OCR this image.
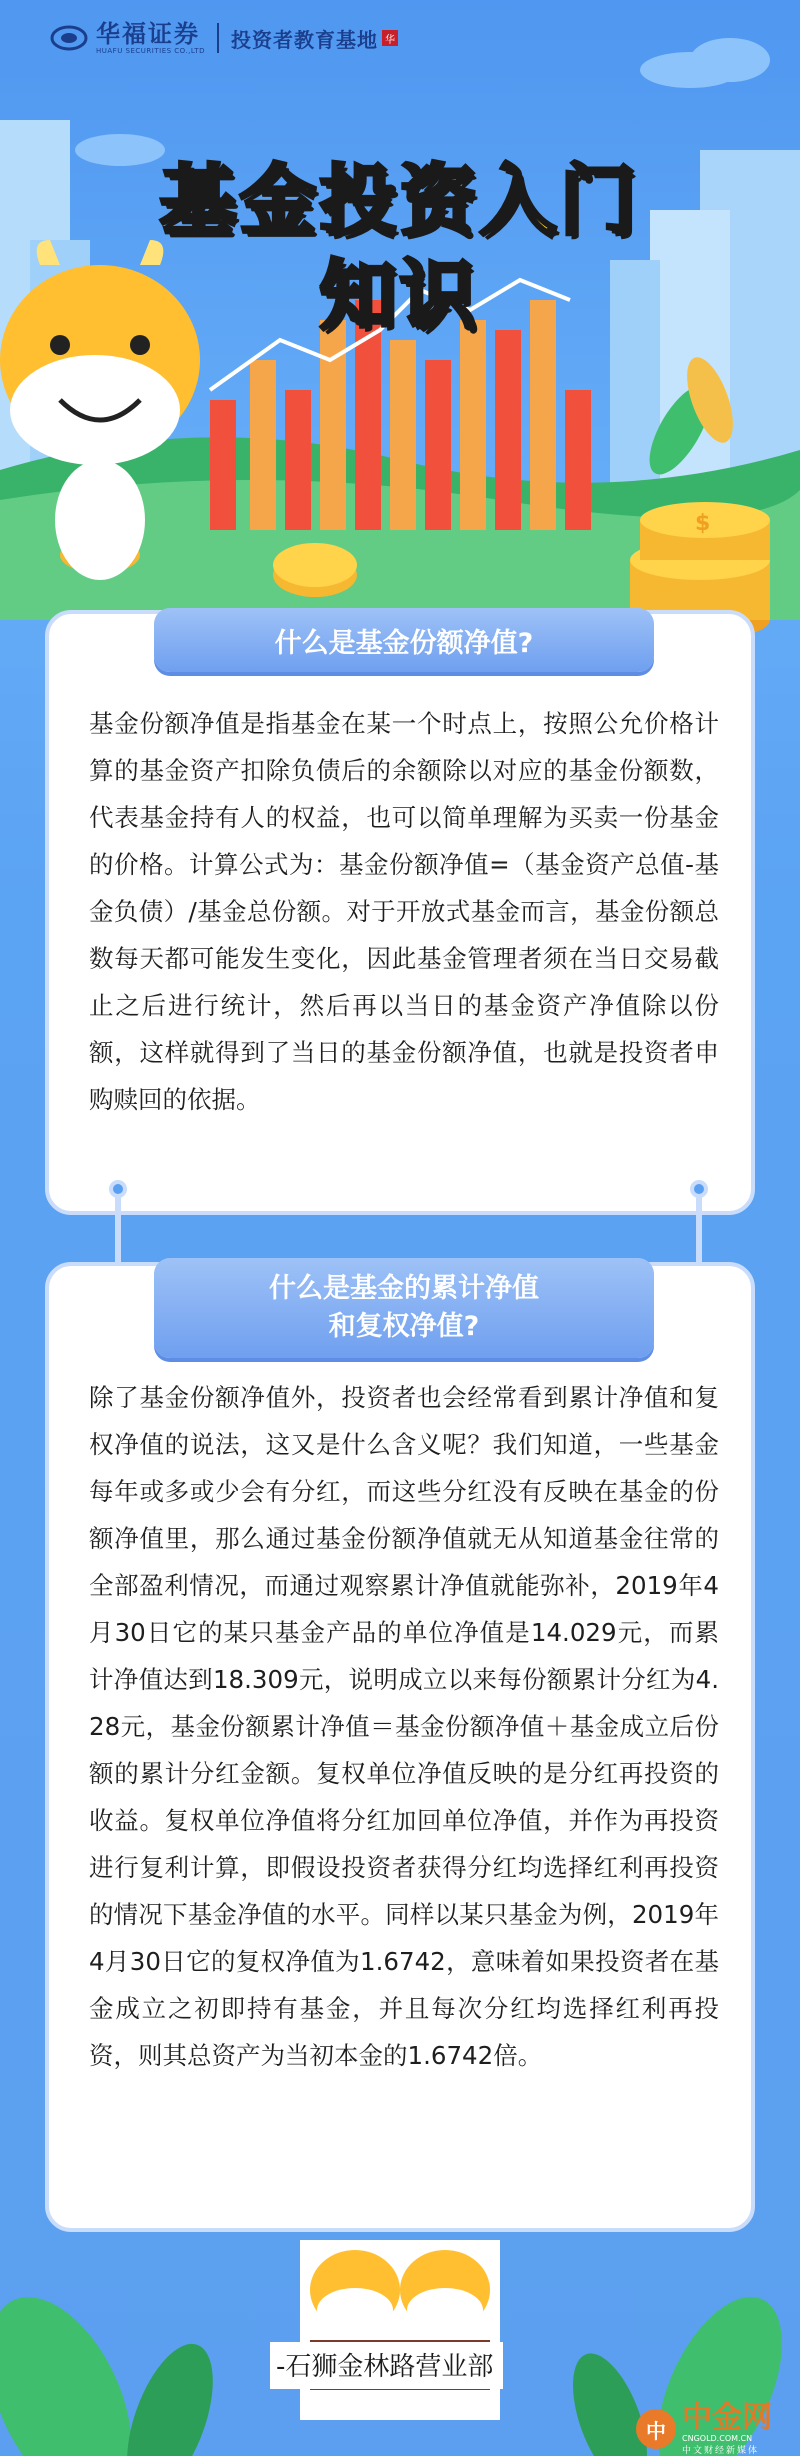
$
华福证券
HUAFU SECURITIES CO.,LTD 投资者教育基地 华
基金投资入门
知识
什么是基金份额净值?
基金份额净值是指基金在某一个时点上，按照公允价格计算的基金资产扣除负债后的余额除以对应的基金份额数，代表基金持有人的权益，也可以简单理解为买卖一份基金的价格。计算公式为：基金份额净值=（基金资产总值-基金负债）/基金总份额。对于开放式基金而言，基金份额总数每天都可能发生变化，因此基金管理者须在当日交易截止之后进行统计，然后再以当日的基金资产净值除以份额，这样就得到了当日的基金份额净值，也就是投资者申购赎回的依据。
什么是基金的累计净值
和复权净值?
除了基金份额净值外，投资者也会经常看到累计净值和复权净值的说法，这又是什么含义呢？我们知道，一些基金每年或多或少会有分红，而这些分红没有反映在基金的份额净值里，那么通过基金份额净值就无从知道基金往常的全部盈利情况，而通过观察累计净值就能弥补，2019年4月30日它的某只基金产品的单位净值是14.029元，而累计净值达到18.309元，说明成立以来每份额累计分红为4.28元，基金份额累计净值＝基金份额净值＋基金成立后份额的累计分红金额。复权单位净值反映的是分红再投资的收益。复权单位净值将分红加回单位净值，并作为再投资进行复利计算，即假设投资者获得分红均选择红利再投资的情况下基金净值的水平。同样以某只基金为例，2019年4月30日它的复权净值为1.6742，意味着如果投资者在基金成立之初即持有基金，并且每次分红均选择红利再投资，则其总资产为当初本金的1.6742倍。
-石狮金林路营业部
中 中金网
CNGOLD.COM.CN
中文财经新媒体
